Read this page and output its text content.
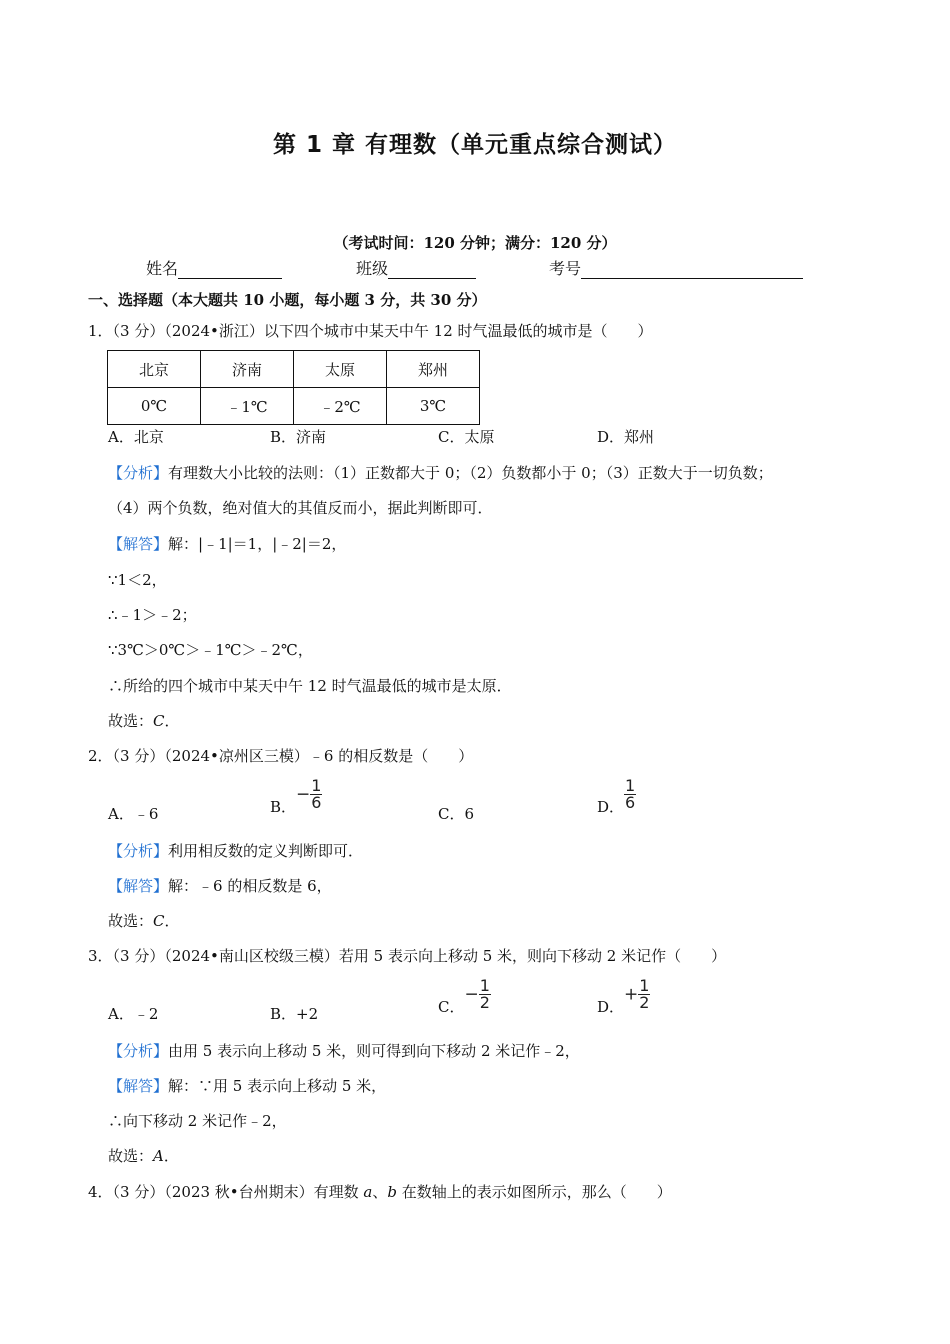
第 1 章 有理数（单元重点综合测试）
（考试时间：120 分钟；满分：120 分）
姓名	班级	考号
一、选择题（本大题共 10 小题，每小题 3 分，共 30 分）
1．（3 分）（2024•浙江）以下四个城市中某天中午 12 时气温最低的城市是（　　）
北京	济南	太原	郑州
0℃	﹣1℃	﹣2℃	3℃
A．北京	B．济南	C．太原	D．郑州
【分析】有理数大小比较的法则：（1）正数都大于 0；（2）负数都小于 0；（3）正数大于一切负数；
（4）两个负数，绝对值大的其值反而小，据此判断即可．
【解答】解：|﹣1|＝1，|﹣2|＝2，
∵1＜2，
∴﹣1＞﹣2；
∵3℃＞0℃＞﹣1℃＞﹣2℃，
∴所给的四个城市中某天中午 12 时气温最低的城市是太原．
故选：C．
2．（3 分）（2024•凉州区三模）﹣6 的相反数是（　　）
A．﹣6	B．− $\frac{1}{6}$
C．6	D． $\frac{1}{6}$
【分析】利用相反数的定义判断即可．
【解答】解：﹣6 的相反数是 6，
故选：C．
3．（3 分）（2024•南山区校级三模）若用 5 表示向上移动 5 米，则向下移动 2 米记作（　　）
A．﹣2	B．+2	C．− $\frac{1}{2}$	D．+ $\frac{1}{2}$
【分析】由用 5 表示向上移动 5 米，则可得到向下移动 2 米记作﹣2，
【解答】解：∵用 5 表示向上移动 5 米，
∴向下移动 2 米记作﹣2，
故选：A．
4．（3 分）（2023 秋•台州期末）有理数 a、b 在数轴上的表示如图所示，那么（　　）
